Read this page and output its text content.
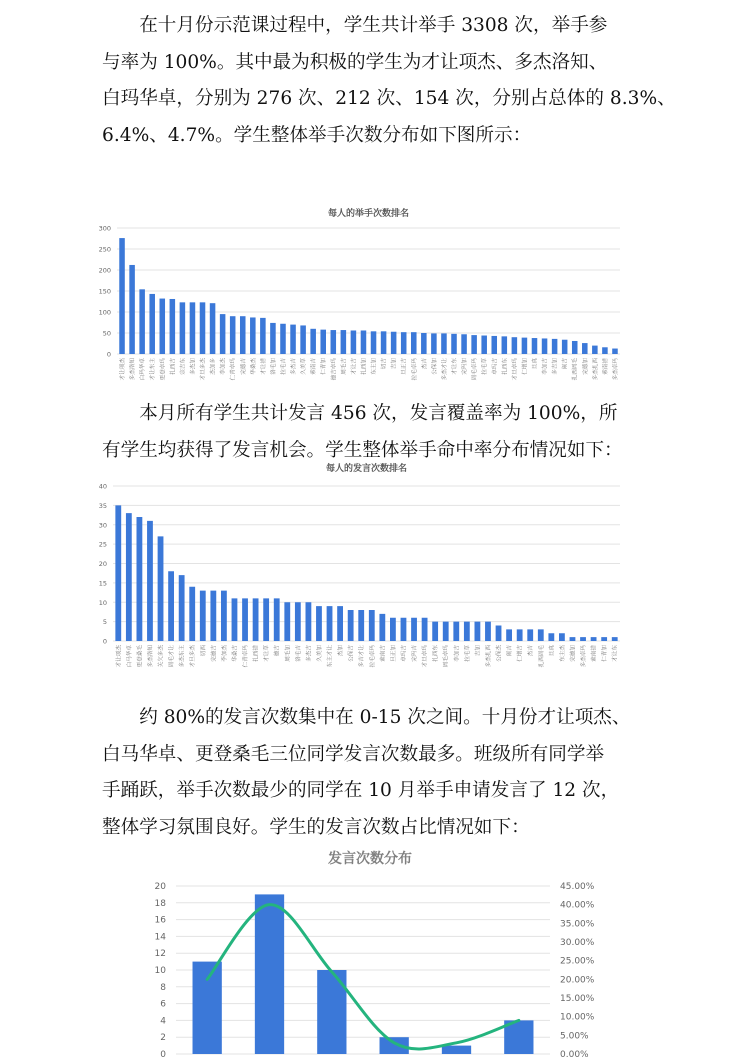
　　在十月份示范课过程中，学生共计举手 3308 次，举手参
与率为 100%。其中最为积极的学生为才让项杰、多杰洛知、
白玛华卓，分别为 276 次、212 次、154 次，分别占总体的 8.3%、
6.4%、4.7%。学生整体举手次数分布如下图所示：

每人的举手次数排名
0
50
100
150
200
250
300
才让项杰 多杰洛知 白玛华卓 才让东主 更登卓玛 扎西吉 宗吉东 多杰加 才旦多杰 杰加多 李加杰 仁青卓玛 完德吉 华桑杰 才让措 洛毛加 拉毛吉 多杰吉 久美草 索南吉 仁青加 德吉卓玛 周毛吉 才让吉 扎西加 东主加 切吉 吉加 旦正吉 拉毛卓玛 杰吉 公保加 多杰才让 才让东 完玛加 周毛卓玛 拉毛草 卓玛吉 扎西东 才旦卓玛 仁增加 旦真 李加吉 多吉加 闹吉 扎西周毛 完德加 多杰扎西 索南措 多杰卓玛

　　本月所有学生共计发言 456 次，发言覆盖率为 100%，所
有学生均获得了发言机会。学生整体举手命中率分布情况如下：

每人的发言次数排名
0
5
10
15
20
25
30
35
40
才让项杰 白马华卓 更登桑毛 多杰洛知 关欠多杰 周毛才让 多杰东主 才旦多杰 切西 完德吉 李加杰 华桑吉 仁青卓玛 扎西措 才让草 德吉 周毛加 洛毛吉 多杰吉 久美加 东主才让 杰加 公保吉 多吉才让 拉毛卓玛 索南吉 旦正加 卓玛吉 完玛吉 才旦卓玛 扎西东 周毛卓玛 李加吉 拉毛草 吉加 多杰扎西 公保杰 闹吉 仁增吉 杰吉 扎西周毛 旦真 东主杰 完德加 多杰卓玛 索南措 仁青加 才让东

　　约 80%的发言次数集中在 0-15 次之间。十月份才让项杰、
白马华卓、更登桑毛三位同学发言次数最多。班级所有同学举
手踊跃，举手次数最少的同学在 10 月举手申请发言了 12 次，
整体学习氛围良好。学生的发言次数占比情况如下：

发言次数分布
0
2
4
6
8
10
12
14
16
18
20
0.00%
5.00%
10.00%
15.00%
20.00%
25.00%
30.00%
35.00%
40.00%
45.00%
